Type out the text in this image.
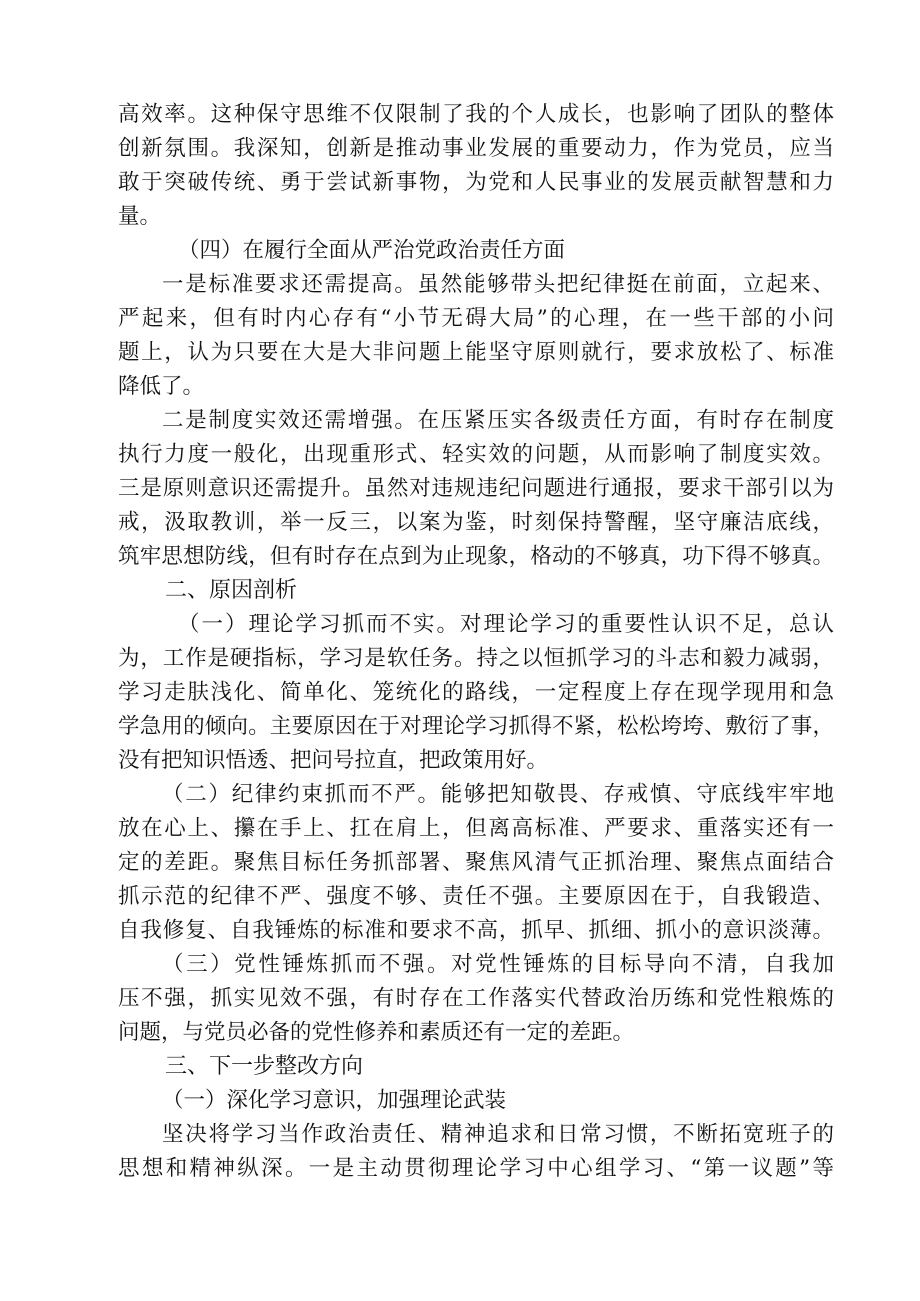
高效率。这种保守思维不仅限制了我的个人成长，也影响了团队的整体
创新氛围。我深知，创新是推动事业发展的重要动力，作为党员，应当
敢于突破传统、勇于尝试新事物，为党和人民事业的发展贡献智慧和力
量。
（四）在履行全面从严治党政治责任方面
一是标准要求还需提高。虽然能够带头把纪律挺在前面，立起来、
严起来，但有时内心存有“小节无碍大局”的心理，在一些干部的小问
题上，认为只要在大是大非问题上能坚守原则就行，要求放松了、标准
降低了。
二是制度实效还需增强。在压紧压实各级责任方面，有时存在制度
执行力度一般化，出现重形式、轻实效的问题，从而影响了制度实效。
三是原则意识还需提升。虽然对违规违纪问题进行通报，要求干部引以为
戒，汲取教训，举一反三，以案为鉴，时刻保持警醒，坚守廉洁底线，
筑牢思想防线，但有时存在点到为止现象，格动的不够真，功下得不够真。
二、原因剖析
（一）理论学习抓而不实。对理论学习的重要性认识不足，总认
为，工作是硬指标，学习是软任务。持之以恒抓学习的斗志和毅力减弱，
学习走肤浅化、简单化、笼统化的路线，一定程度上存在现学现用和急
学急用的倾向。主要原因在于对理论学习抓得不紧，松松垮垮、敷衍了事，
没有把知识悟透、把问号拉直，把政策用好。
（二）纪律约束抓而不严。能够把知敬畏、存戒慎、守底线牢牢地
放在心上、攥在手上、扛在肩上，但离高标准、严要求、重落实还有一
定的差距。聚焦目标任务抓部署、聚焦风清气正抓治理、聚焦点面结合
抓示范的纪律不严、强度不够、责任不强。主要原因在于，自我锻造、
自我修复、自我锤炼的标准和要求不高，抓早、抓细、抓小的意识淡薄。
（三）党性锤炼抓而不强。对党性锤炼的目标导向不清，自我加
压不强，抓实见效不强，有时存在工作落实代替政治历练和党性粮炼的
问题，与党员必备的党性修养和素质还有一定的差距。
三、下一步整改方向
（一）深化学习意识，加强理论武装
坚决将学习当作政治责任、精神追求和日常习惯，不断拓宽班子的
思想和精神纵深。一是主动贯彻理论学习中心组学习、“第一议题”等
